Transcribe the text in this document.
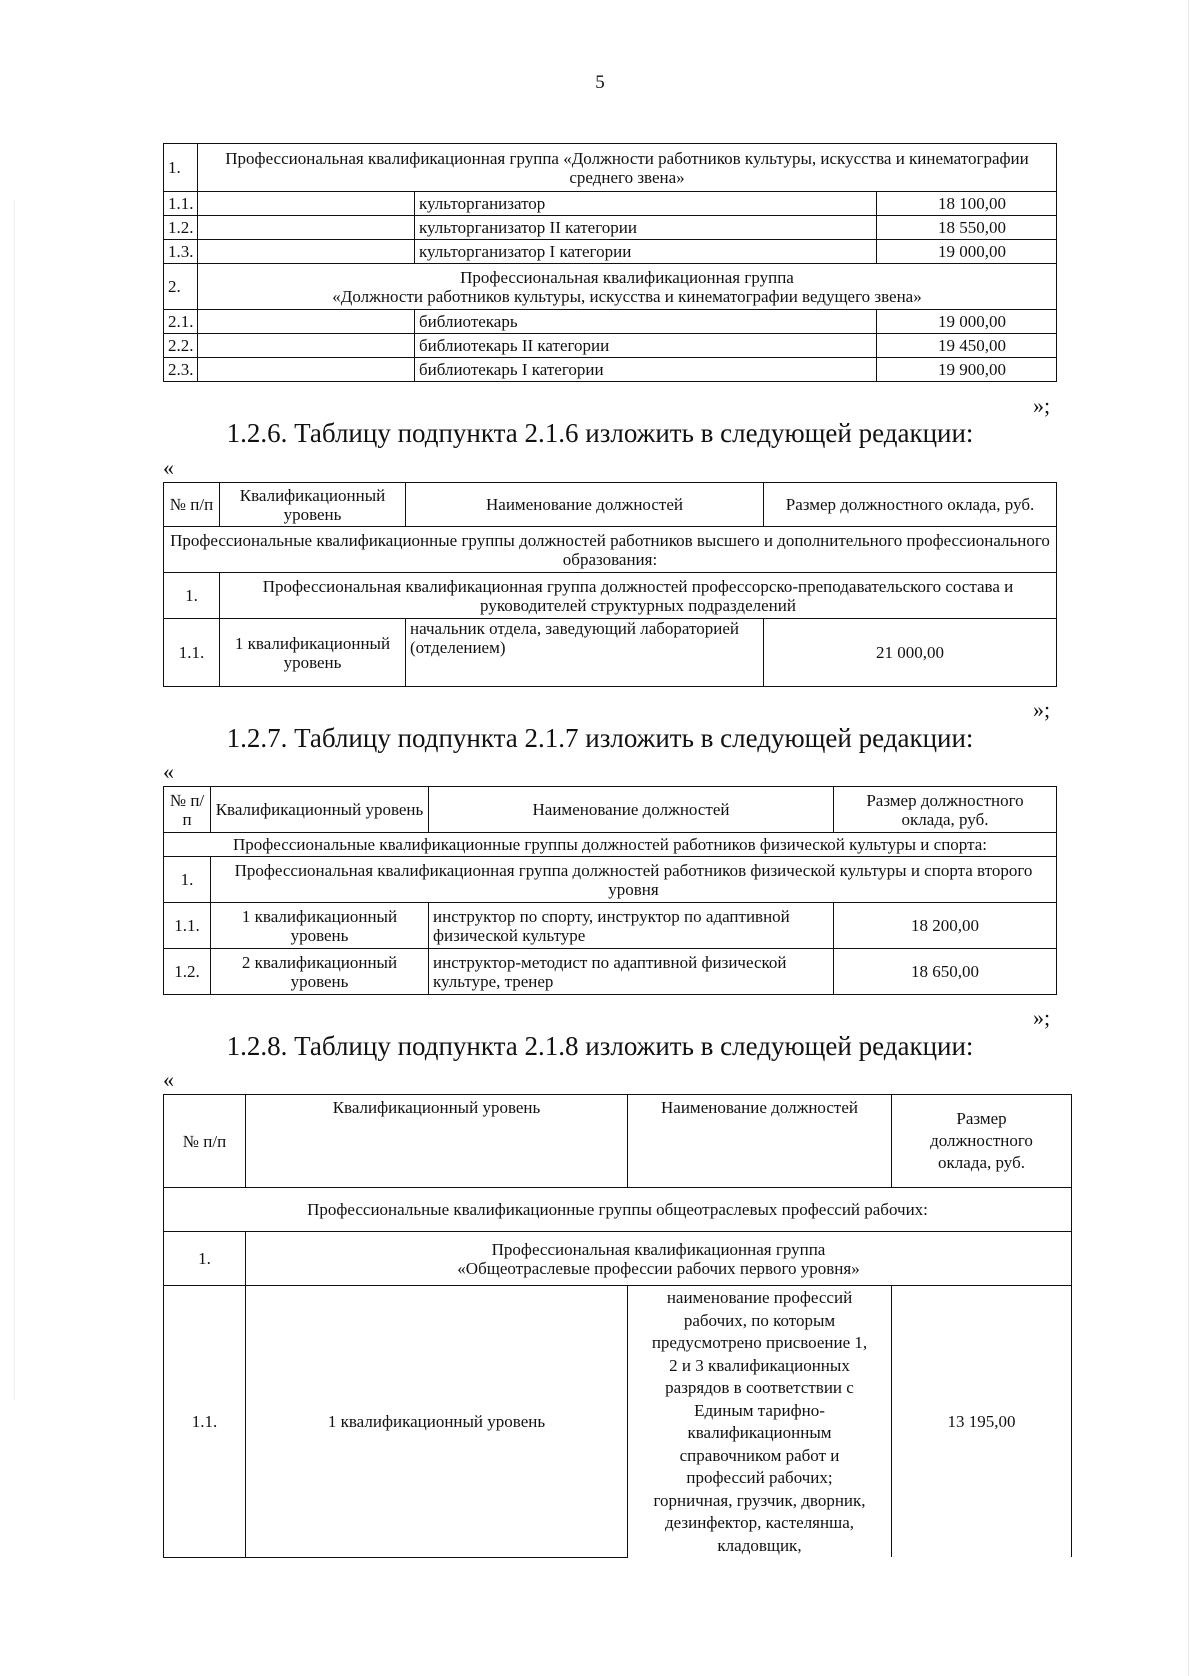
5
1.	Профессиональная квалификационная группа «Должности работников культуры, искусства и кинематографии среднего звена»		
1.1.		культорганизатор	18 100,00
1.2.		культорганизатор II категории	18 550,00
1.3.		культорганизатор I категории	19 000,00
2.	Профессиональная квалификационная группа
«Должности работников культуры, искусства и кинематографии ведущего звена»		

2.1.		библиотекарь	19 000,00
2.2.		библиотекарь II категории	19 450,00
2.3.		библиотекарь I категории	19 900,00
»;
1.2.6. Таблицу подпункта 2.1.6 изложить в следующей редакции:
«
№ п/п	Квалификационный уровень	Наименование должностей	Размер должностного оклада, руб.
Профессиональные квалификационные группы должностей работников высшего и дополнительного профессионального образования:			
1.	Профессиональная квалификационная группа должностей профессорско-преподавательского состава и руководителей структурных подразделений		
1.1.	1 квалификационный уровень	начальник отдела, заведующий лабораторией (отделением)	21 000,00
»;
1.2.7. Таблицу подпункта 2.1.7 изложить в следующей редакции:
«
№ п/п	Квалификационный уровень	Наименование должностей	Размер должностного оклада, руб.
Профессиональные квалификационные группы должностей работников физической культуры и спорта:			
1.	Профессиональная квалификационная группа должностей работников физической культуры и спорта второго уровня		
1.1.	1 квалификационный уровень	инструктор по спорту, инструктор по адаптивной физической культуре	18 200,00
1.2.	2 квалификационный уровень	инструктор-методист по адаптивной физической культуре, тренер	18 650,00
»;
1.2.8. Таблицу подпункта 2.1.8 изложить в следующей редакции:
«
№ п/п	Квалификационный уровень	Наименование должностей	Размер должностного оклада, руб.
Профессиональные квалификационные группы общеотраслевых профессий рабочих:			
1.	Профессиональная квалификационная группа
«Общеотраслевые профессии рабочих первого уровня»		

1.1.	1 квалификационный уровень	наименование профессий рабочих, по которым предусмотрено присвоение 1, 2 и 3 квалификационных разрядов в соответствии с Единым тарифно-квалификационным справочником работ и профессий рабочих; горничная, грузчик, дворник, дезинфектор, кастелянша, кладовщик,	13 195,00
